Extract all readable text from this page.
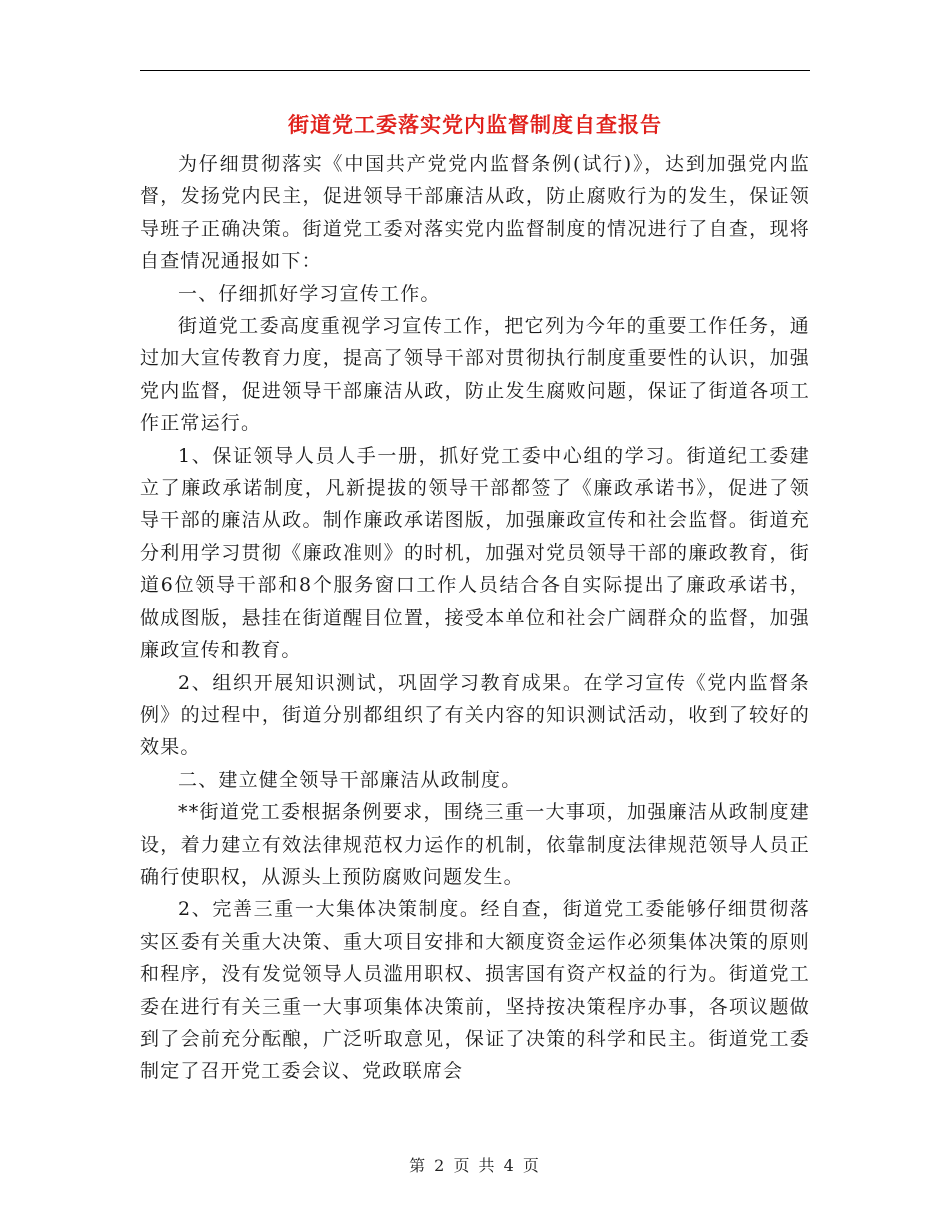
街道党工委落实党内监督制度自查报告

为仔细贯彻落实《中国共产党党内监督条例(试行)》，达到加强党内监督，发扬党内民主，促进领导干部廉洁从政，防止腐败行为的发生，保证领导班子正确决策。街道党工委对落实党内监督制度的情况进行了自查，现将自查情况通报如下：

一、仔细抓好学习宣传工作。

街道党工委高度重视学习宣传工作，把它列为今年的重要工作任务，通过加大宣传教育力度，提高了领导干部对贯彻执行制度重要性的认识，加强党内监督，促进领导干部廉洁从政，防止发生腐败问题，保证了街道各项工作正常运行。

1、保证领导人员人手一册，抓好党工委中心组的学习。街道纪工委建立了廉政承诺制度，凡新提拔的领导干部都签了《廉政承诺书》，促进了领导干部的廉洁从政。制作廉政承诺图版，加强廉政宣传和社会监督。街道充分利用学习贯彻《廉政准则》的时机，加强对党员领导干部的廉政教育，街道6位领导干部和8个服务窗口工作人员结合各自实际提出了廉政承诺书，做成图版，悬挂在街道醒目位置，接受本单位和社会广阔群众的监督，加强廉政宣传和教育。

2、组织开展知识测试，巩固学习教育成果。在学习宣传《党内监督条例》的过程中，街道分别都组织了有关内容的知识测试活动，收到了较好的效果。

二、建立健全领导干部廉洁从政制度。

**街道党工委根据条例要求，围绕三重一大事项，加强廉洁从政制度建设，着力建立有效法律规范权力运作的机制，依靠制度法律规范领导人员正确行使职权，从源头上预防腐败问题发生。

2、完善三重一大集体决策制度。经自查，街道党工委能够仔细贯彻落实区委有关重大决策、重大项目安排和大额度资金运作必须集体决策的原则和程序，没有发觉领导人员滥用职权、损害国有资产权益的行为。街道党工委在进行有关三重一大事项集体决策前，坚持按决策程序办事，各项议题做到了会前充分酝酿，广泛听取意见，保证了决策的科学和民主。街道党工委制定了召开党工委会议、党政联席会

第 2 页 共 4 页
